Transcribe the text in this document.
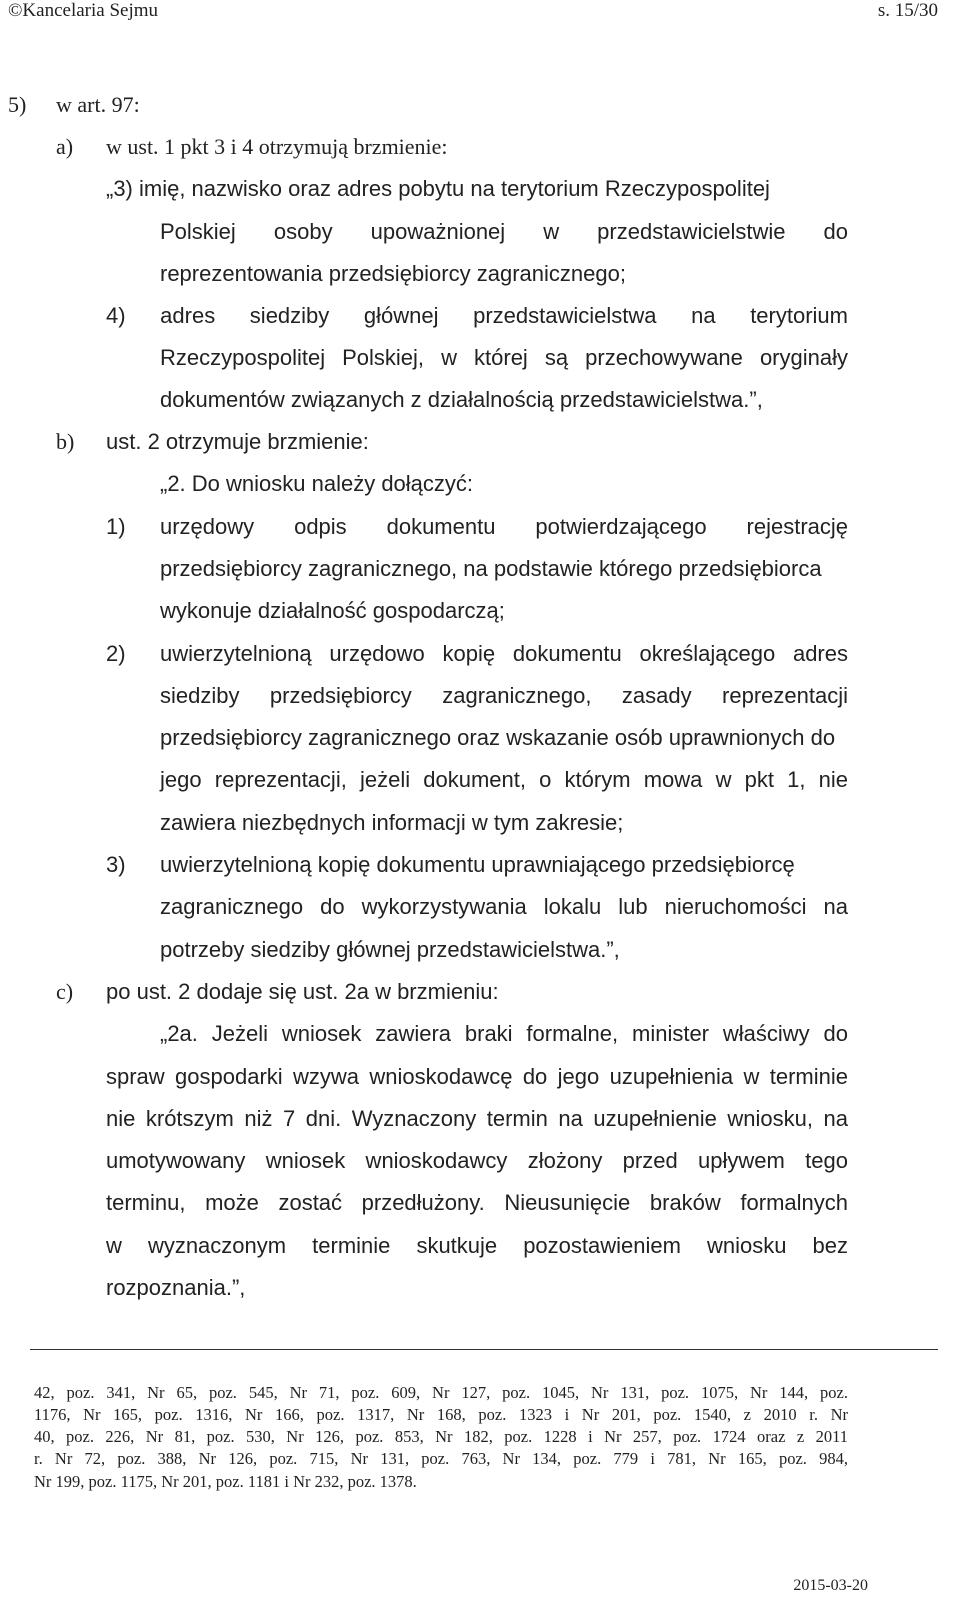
©Kancelaria Sejmu	s. 15/30
5) w art. 97:
a) w ust. 1 pkt 3 i 4 otrzymują brzmienie:
„3) imię, nazwisko oraz adres pobytu na terytorium Rzeczypospolitej
Polskiej osoby upoważnionej w przedstawicielstwie do
reprezentowania przedsiębiorcy zagranicznego;
4) adres siedziby głównej przedstawicielstwa na terytorium
Rzeczypospolitej Polskiej, w której są przechowywane oryginały
dokumentów związanych z działalnością przedstawicielstwa.”,
b) ust. 2 otrzymuje brzmienie:
„2. Do wniosku należy dołączyć:
1) urzędowy odpis dokumentu potwierdzającego rejestrację
przedsiębiorcy zagranicznego, na podstawie którego przedsiębiorca
wykonuje działalność gospodarczą;
2) uwierzytelnioną urzędowo kopię dokumentu określającego adres
siedziby przedsiębiorcy zagranicznego, zasady reprezentacji
przedsiębiorcy zagranicznego oraz wskazanie osób uprawnionych do
jego reprezentacji, jeżeli dokument, o którym mowa w pkt 1, nie
zawiera niezbędnych informacji w tym zakresie;
3) uwierzytelnioną kopię dokumentu uprawniającego przedsiębiorcę
zagranicznego do wykorzystywania lokalu lub nieruchomości na
potrzeby siedziby głównej przedstawicielstwa.”,
c) po ust. 2 dodaje się ust. 2a w brzmieniu:
„2a. Jeżeli wniosek zawiera braki formalne, minister właściwy do
spraw gospodarki wzywa wnioskodawcę do jego uzupełnienia w terminie
nie krótszym niż 7 dni. Wyznaczony termin na uzupełnienie wniosku, na
umotywowany wniosek wnioskodawcy złożony przed upływem tego
terminu, może zostać przedłużony. Nieusunięcie braków formalnych
w wyznaczonym terminie skutkuje pozostawieniem wniosku bez
rozpoznania.”,
42, poz. 341, Nr 65, poz. 545, Nr 71, poz. 609, Nr 127, poz. 1045, Nr 131, poz. 1075, Nr 144, poz.
1176, Nr 165, poz. 1316, Nr 166, poz. 1317, Nr 168, poz. 1323 i Nr 201, poz. 1540, z 2010 r. Nr
40, poz. 226, Nr 81, poz. 530, Nr 126, poz. 853, Nr 182, poz. 1228 i Nr 257, poz. 1724 oraz z 2011
r. Nr 72, poz. 388, Nr 126, poz. 715, Nr 131, poz. 763, Nr 134, poz. 779 i 781, Nr 165, poz. 984,
Nr 199, poz. 1175, Nr 201, poz. 1181 i Nr 232, poz. 1378.
2015-03-20
